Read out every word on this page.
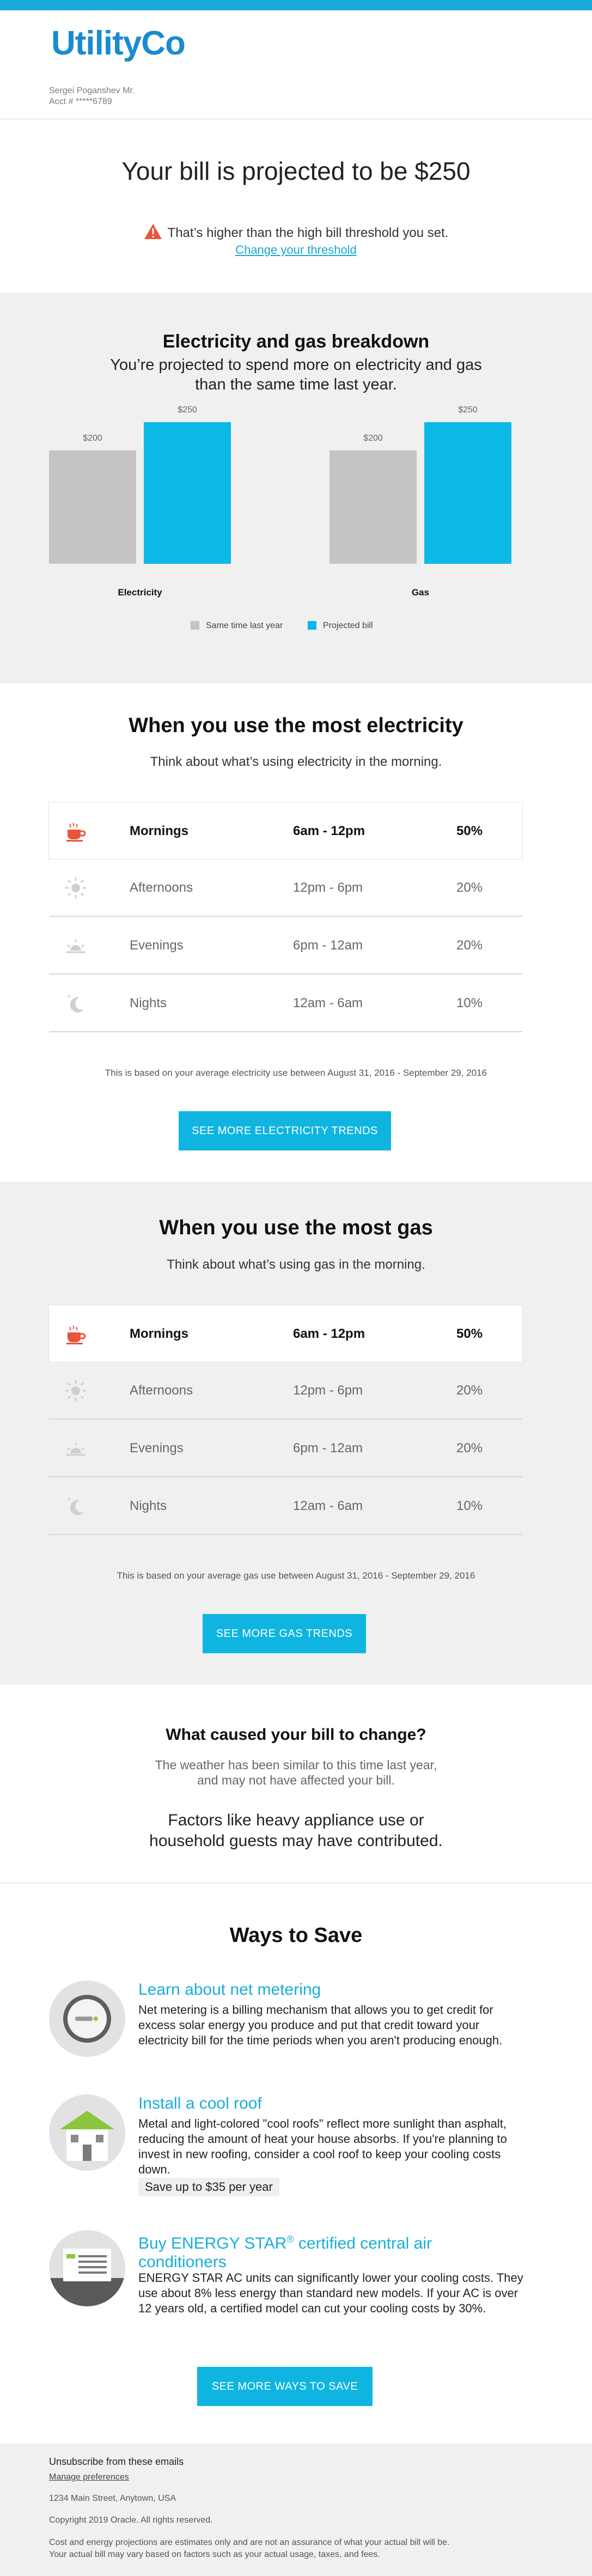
UtilityCo
Sergei Poganshev Mr.
Acct # *****6789
Your bill is projected to be $250
That’s higher than the high bill threshold you set.
Change your threshold
Electricity and gas breakdown
You’re projected to spend more on electricity and gas than the same time last year.
$200
$250
Electricity
$200
$250
Gas
Same time last year	Projected bill
When you use the most electricity
Think about what’s using electricity in the morning.
Mornings	6am - 12pm	50%
Afternoons	12pm - 6pm	20%
Evenings	6pm - 12am	20%
Nights	12am - 6am	10%
This is based on your average electricity use between August 31, 2016 - September 29, 2016
SEE MORE ELECTRICITY TRENDS
When you use the most gas
Think about what’s using gas in the morning.
Mornings	6am - 12pm	50%
Afternoons	12pm - 6pm	20%
Evenings	6pm - 12am	20%
Nights	12am - 6am	10%
This is based on your average gas use between August 31, 2016 - September 29, 2016
SEE MORE GAS TRENDS
What caused your bill to change?
The weather has been similar to this time last year,
and may not have affected your bill.
Factors like heavy appliance use or
household guests may have contributed.
Ways to Save
Learn about net metering
Net metering is a billing mechanism that allows you to get credit for excess solar energy you produce and put that credit toward your electricity bill for the time periods when you aren't producing enough.
Install a cool roof
Metal and light-colored "cool roofs" reflect more sunlight than asphalt, reducing the amount of heat your house absorbs. If you're planning to invest in new roofing, consider a cool roof to keep your cooling costs down.
Save up to $35 per year
Buy ENERGY STAR® certified central air conditioners
ENERGY STAR AC units can significantly lower your cooling costs. They use about 8% less energy than standard new models. If your AC is over 12 years old, a certified model can cut your cooling costs by 30%.
SEE MORE WAYS TO SAVE
Unsubscribe from these emails
Manage preferences
1234 Main Street, Anytown, USA
Copyright 2019 Oracle. All rights reserved.
Cost and energy projections are estimates only and are not an assurance of what your actual bill will be.
Your actual bill may vary based on factors such as your actual usage, taxes, and fees.
